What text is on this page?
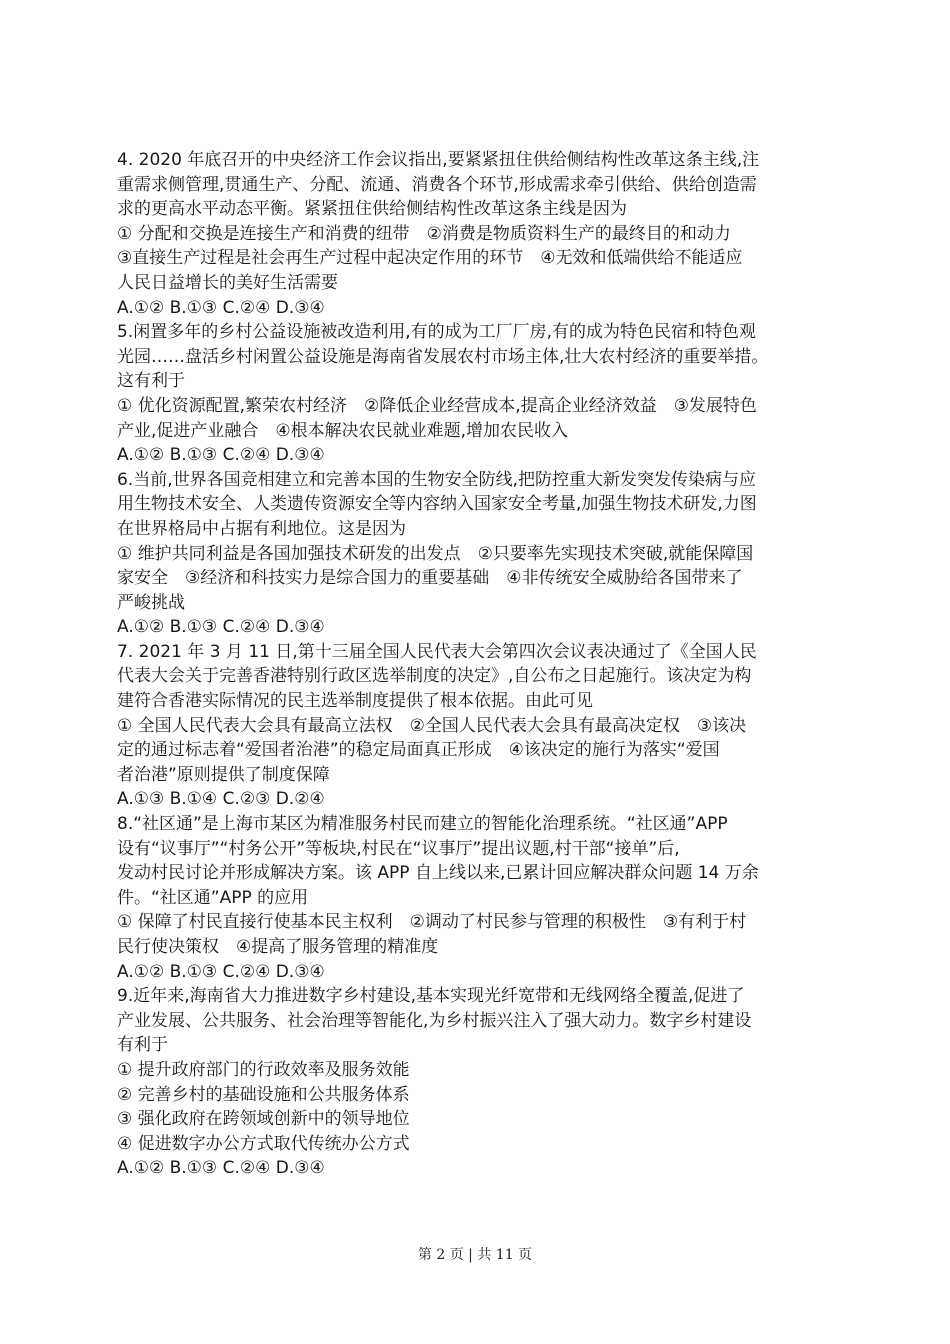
4. 2020 年底召开的中央经济工作会议指出,要紧紧扭住供给侧结构性改革这条主线,注
重需求侧管理,贯通生产、分配、流通、消费各个环节,形成需求牵引供给、供给创造需
求的更高水平动态平衡。紧紧扭住供给侧结构性改革这条主线是因为
① 分配和交换是连接生产和消费的纽带　②消费是物质资料生产的最终目的和动力
③直接生产过程是社会再生产过程中起决定作用的环节　④无效和低端供给不能适应
人民日益增长的美好生活需要
A.①② B.①③ C.②④ D.③④
5.闲置多年的乡村公益设施被改造利用,有的成为工厂厂房,有的成为特色民宿和特色观
光园……盘活乡村闲置公益设施是海南省发展农村市场主体,壮大农村经济的重要举措。
这有利于
① 优化资源配置,繁荣农村经济　②降低企业经营成本,提高企业经济效益　③发展特色
产业,促进产业融合　④根本解决农民就业难题,增加农民收入
A.①② B.①③ C.②④ D.③④
6.当前,世界各国竞相建立和完善本国的生物安全防线,把防控重大新发突发传染病与应
用生物技术安全、人类遗传资源安全等内容纳入国家安全考量,加强生物技术研发,力图
在世界格局中占据有利地位。这是因为
① 维护共同利益是各国加强技术研发的出发点　②只要率先实现技术突破,就能保障国
家安全　③经济和科技实力是综合国力的重要基础　④非传统安全威胁给各国带来了
严峻挑战
A.①② B.①③ C.②④ D.③④
7. 2021 年 3 月 11 日,第十三届全国人民代表大会第四次会议表决通过了《全国人民
代表大会关于完善香港特别行政区选举制度的决定》,自公布之日起施行。该决定为构
建符合香港实际情况的民主选举制度提供了根本依据。由此可见
① 全国人民代表大会具有最高立法权　②全国人民代表大会具有最高决定权　③该决
定的通过标志着“爱国者治港”的稳定局面真正形成　④该决定的施行为落实“爱国
者治港”原则提供了制度保障
A.①③ B.①④ C.②③ D.②④
8.“社区通”是上海市某区为精准服务村民而建立的智能化治理系统。“社区通”APP
设有“议事厅”“村务公开”等板块,村民在“议事厅”提出议题,村干部“接单”后,
发动村民讨论并形成解决方案。该 APP 自上线以来,已累计回应解决群众问题 14 万余
件。“社区通”APP 的应用
① 保障了村民直接行使基本民主权利　②调动了村民参与管理的积极性　③有利于村
民行使决策权　④提高了服务管理的精准度
A.①② B.①③ C.②④ D.③④
9.近年来,海南省大力推进数字乡村建设,基本实现光纤宽带和无线网络全覆盖,促进了
产业发展、公共服务、社会治理等智能化,为乡村振兴注入了强大动力。数字乡村建设
有利于
① 提升政府部门的行政效率及服务效能
② 完善乡村的基础设施和公共服务体系
③ 强化政府在跨领域创新中的领导地位
④ 促进数字办公方式取代传统办公方式
A.①② B.①③ C.②④ D.③④
第 2 页 | 共 11 页
